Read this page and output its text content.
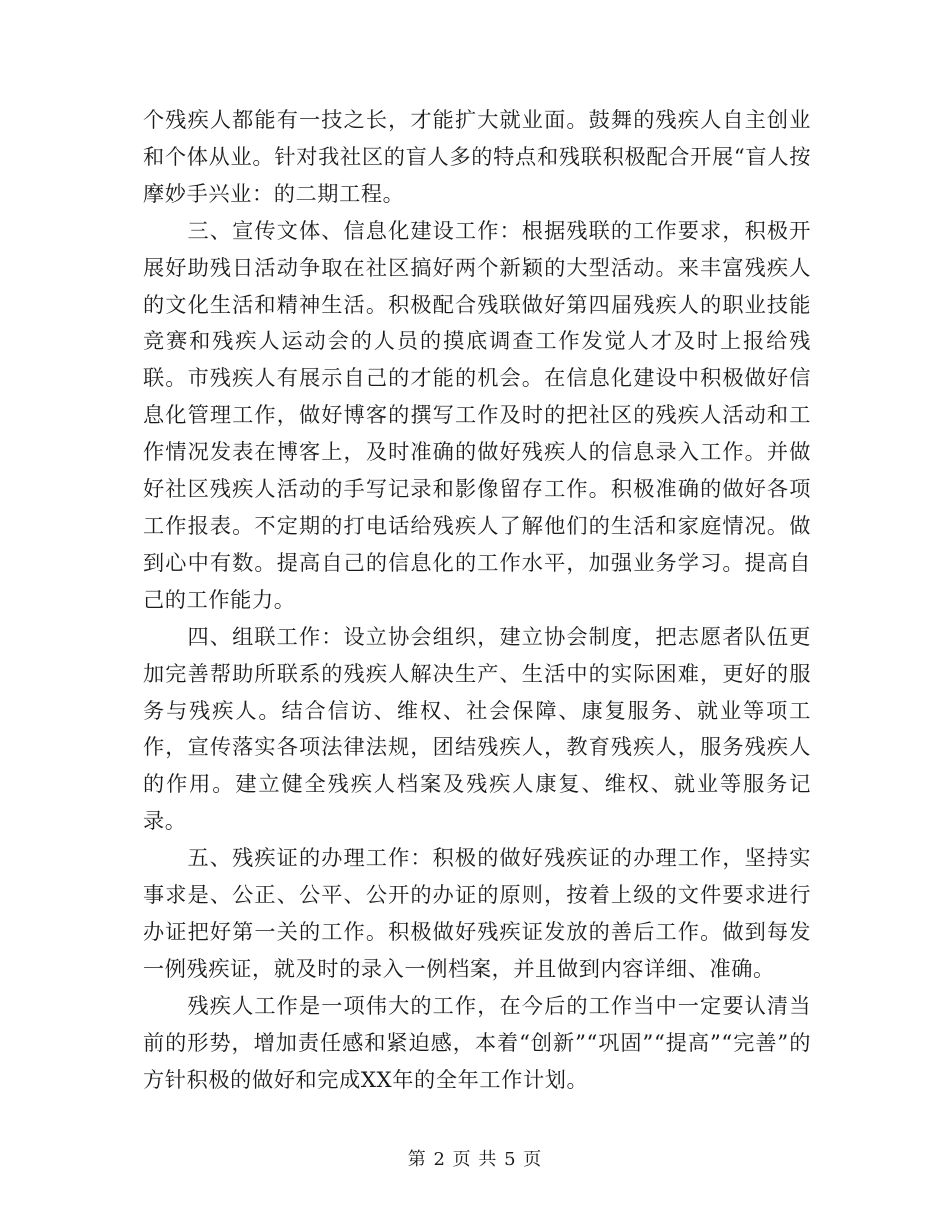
个残疾人都能有一技之长，才能扩大就业面。鼓舞的残疾人自主创业和个体从业。针对我社区的盲人多的特点和残联积极配合开展“盲人按摩妙手兴业：的二期工程。

三、宣传文体、信息化建设工作：根据残联的工作要求，积极开展好助残日活动争取在社区搞好两个新颖的大型活动。来丰富残疾人的文化生活和精神生活。积极配合残联做好第四届残疾人的职业技能竞赛和残疾人运动会的人员的摸底调查工作发觉人才及时上报给残联。市残疾人有展示自己的才能的机会。在信息化建设中积极做好信息化管理工作，做好博客的撰写工作及时的把社区的残疾人活动和工作情况发表在博客上，及时准确的做好残疾人的信息录入工作。并做好社区残疾人活动的手写记录和影像留存工作。积极准确的做好各项工作报表。不定期的打电话给残疾人了解他们的生活和家庭情况。做到心中有数。提高自己的信息化的工作水平，加强业务学习。提高自己的工作能力。

四、组联工作：设立协会组织，建立协会制度，把志愿者队伍更加完善帮助所联系的残疾人解决生产、生活中的实际困难，更好的服务与残疾人。结合信访、维权、社会保障、康复服务、就业等项工作，宣传落实各项法律法规，团结残疾人，教育残疾人，服务残疾人的作用。建立健全残疾人档案及残疾人康复、维权、就业等服务记录。

五、残疾证的办理工作：积极的做好残疾证的办理工作，坚持实事求是、公正、公平、公开的办证的原则，按着上级的文件要求进行办证把好第一关的工作。积极做好残疾证发放的善后工作。做到每发一例残疾证，就及时的录入一例档案，并且做到内容详细、准确。

残疾人工作是一项伟大的工作，在今后的工作当中一定要认清当前的形势，增加责任感和紧迫感，本着“创新”“巩固”“提高”“完善”的方针积极的做好和完成XX年的全年工作计划。

第 2 页 共 5 页
